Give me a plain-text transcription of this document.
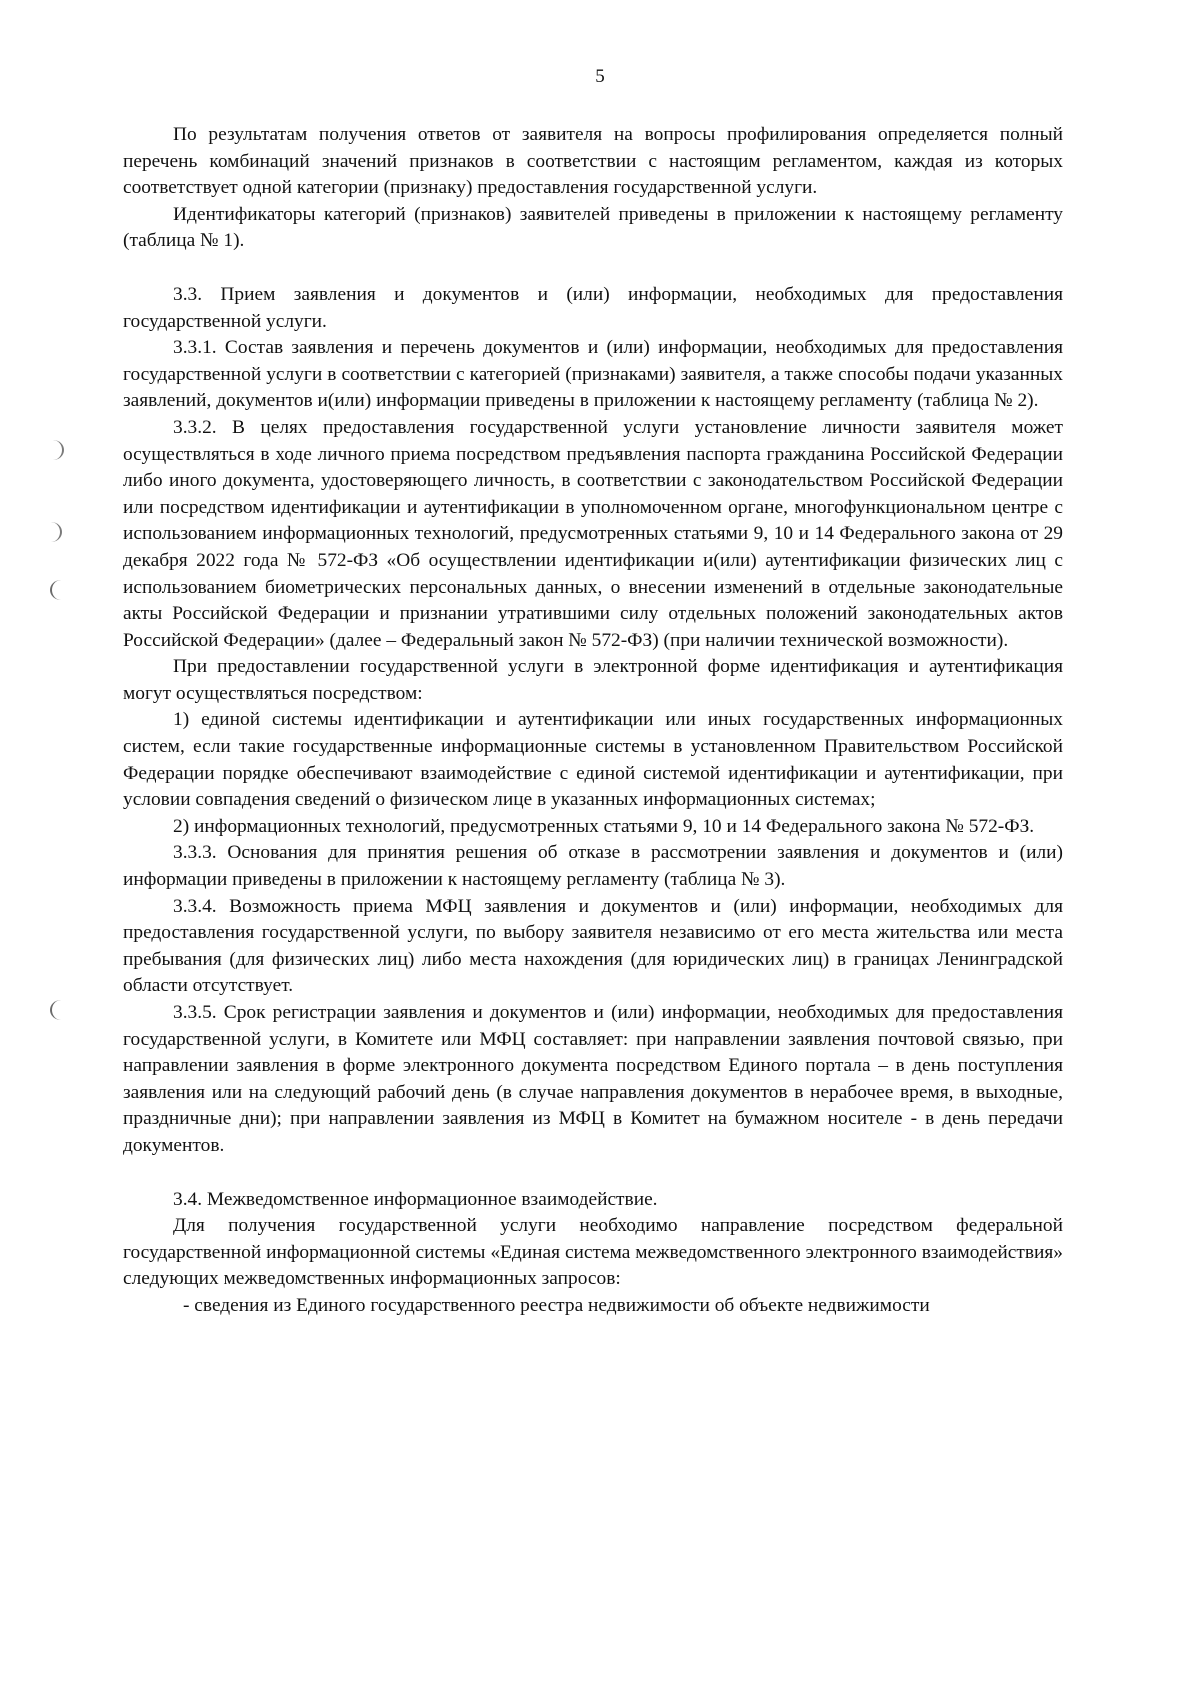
5

По результатам получения ответов от заявителя на вопросы профилирования определяется полный перечень комбинаций значений признаков в соответствии с настоящим регламентом, каждая из которых соответствует одной категории (признаку) предоставления государственной услуги.

Идентификаторы категорий (признаков) заявителей приведены в приложении к настоящему регламенту (таблица № 1).

3.3. Прием заявления и документов и (или) информации, необходимых для предоставления государственной услуги.

3.3.1. Состав заявления и перечень документов и (или) информации, необходимых для предоставления государственной услуги в соответствии с категорией (признаками) заявителя, а также способы подачи указанных заявлений, документов и(или) информации приведены в приложении к настоящему регламенту (таблица № 2).

3.3.2. В целях предоставления государственной услуги установление личности заявителя может осуществляться в ходе личного приема посредством предъявления паспорта гражданина Российской Федерации либо иного документа, удостоверяющего личность, в соответствии с законодательством Российской Федерации или посредством идентификации и аутентификации в уполномоченном органе, многофункциональном центре с использованием информационных технологий, предусмотренных статьями 9, 10 и 14 Федерального закона от 29 декабря 2022 года № 572-ФЗ «Об осуществлении идентификации и(или) аутентификации физических лиц с использованием биометрических персональных данных, о внесении изменений в отдельные законодательные акты Российской Федерации и признании утратившими силу отдельных положений законодательных актов Российской Федерации» (далее – Федеральный закон № 572-ФЗ) (при наличии технической возможности).

При предоставлении государственной услуги в электронной форме идентификация и аутентификация могут осуществляться посредством:

1) единой системы идентификации и аутентификации или иных государственных информационных систем, если такие государственные информационные системы в установленном Правительством Российской Федерации порядке обеспечивают взаимодействие с единой системой идентификации и аутентификации, при условии совпадения сведений о физическом лице в указанных информационных системах;

2) информационных технологий, предусмотренных статьями 9, 10 и 14 Федерального закона № 572-ФЗ.

3.3.3. Основания для принятия решения об отказе в рассмотрении заявления и документов и (или) информации приведены в приложении к настоящему регламенту (таблица № 3).

3.3.4. Возможность приема МФЦ заявления и документов и (или) информации, необходимых для предоставления государственной услуги, по выбору заявителя независимо от его места жительства или места пребывания (для физических лиц) либо места нахождения (для юридических лиц) в границах Ленинградской области отсутствует.

3.3.5. Срок регистрации заявления и документов и (или) информации, необходимых для предоставления государственной услуги, в Комитете или МФЦ составляет: при направлении заявления почтовой связью, при направлении заявления в форме электронного документа посредством Единого портала – в день поступления заявления или на следующий рабочий день (в случае направления документов в нерабочее время, в выходные, праздничные дни); при направлении заявления из МФЦ в Комитет на бумажном носителе - в день передачи документов.

3.4. Межведомственное информационное взаимодействие.

Для получения государственной услуги необходимо направление посредством федеральной государственной информационной системы «Единая система межведомственного электронного взаимодействия» следующих межведомственных информационных запросов:

- сведения из Единого государственного реестра недвижимости об объекте недвижимости
